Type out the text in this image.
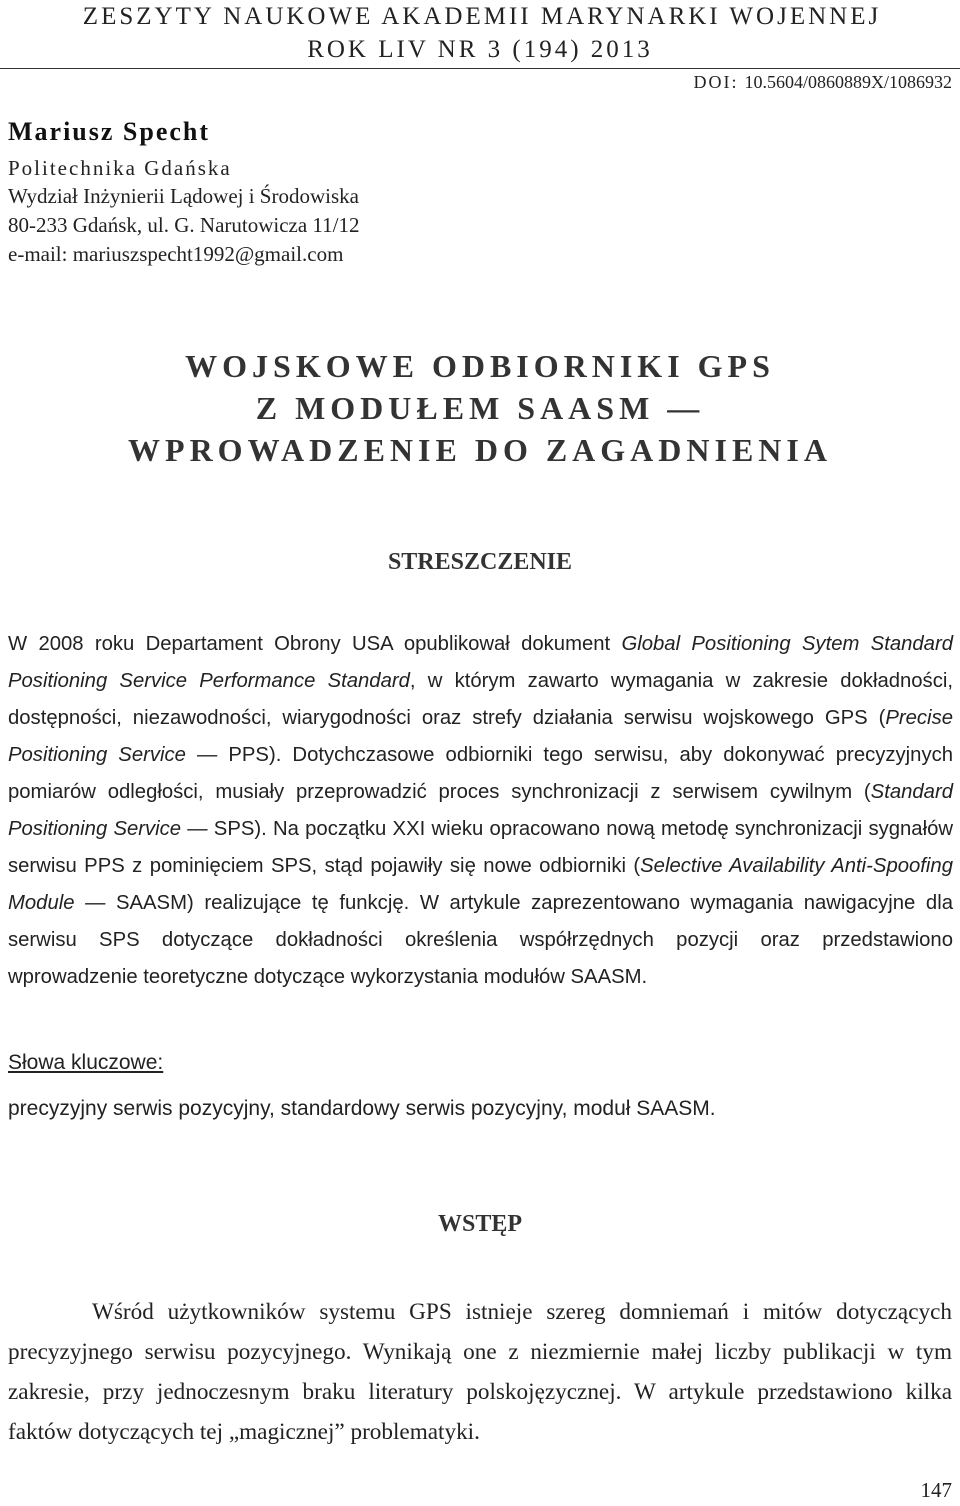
ZESZYTY NAUKOWE AKADEMII MARYNARKI WOJENNEJ
ROK LIV NR 3 (194) 2013
DOI: 10.5604/0860889X/1086932
Mariusz Specht
Politechnika Gdańska
Wydział Inżynierii Lądowej i Środowiska
80-233 Gdańsk, ul. G. Narutowicza 11/12
e-mail: mariuszspecht1992@gmail.com
WOJSKOWE ODBIORNIKI GPS
Z MODUŁEM SAASM —
WPROWADZENIE DO ZAGADNIENIA
STRESZCZENIE

W 2008 roku Departament Obrony USA opublikował dokument Global Positioning Sytem Standard Positioning Service Performance Standard, w którym zawarto wymagania w zakresie dokładności, dostępności, niezawodności, wiarygodności oraz strefy działania serwisu wojskowego GPS (Precise Positioning Service — PPS). Dotychczasowe odbiorniki tego serwisu, aby dokonywać precyzyjnych pomiarów odległości, musiały przeprowadzić proces synchronizacji z serwisem cywilnym (Standard Positioning Service — SPS). Na początku XXI wieku opracowano nową metodę synchronizacji sygnałów serwisu PPS z pominięciem SPS, stąd pojawiły się nowe odbiorniki (Selective Availability Anti-Spoofing Module — SAASM) realizujące tę funkcję. W artykule zaprezentowano wymagania nawigacyjne dla serwisu SPS dotyczące dokładności określenia współrzędnych pozycji oraz przedstawiono wprowadzenie teoretyczne dotyczące wykorzystania modułów SAASM.

Słowa kluczowe:
precyzyjny serwis pozycyjny, standardowy serwis pozycyjny, moduł SAASM.
WSTĘP

Wśród użytkowników systemu GPS istnieje szereg domniemań i mitów dotyczących precyzyjnego serwisu pozycyjnego. Wynikają one z niezmiernie małej liczby publikacji w tym zakresie, przy jednoczesnym braku literatury polskojęzycznej. W artykule przedstawiono kilka faktów dotyczących tej „magicznej” problematyki.

147
